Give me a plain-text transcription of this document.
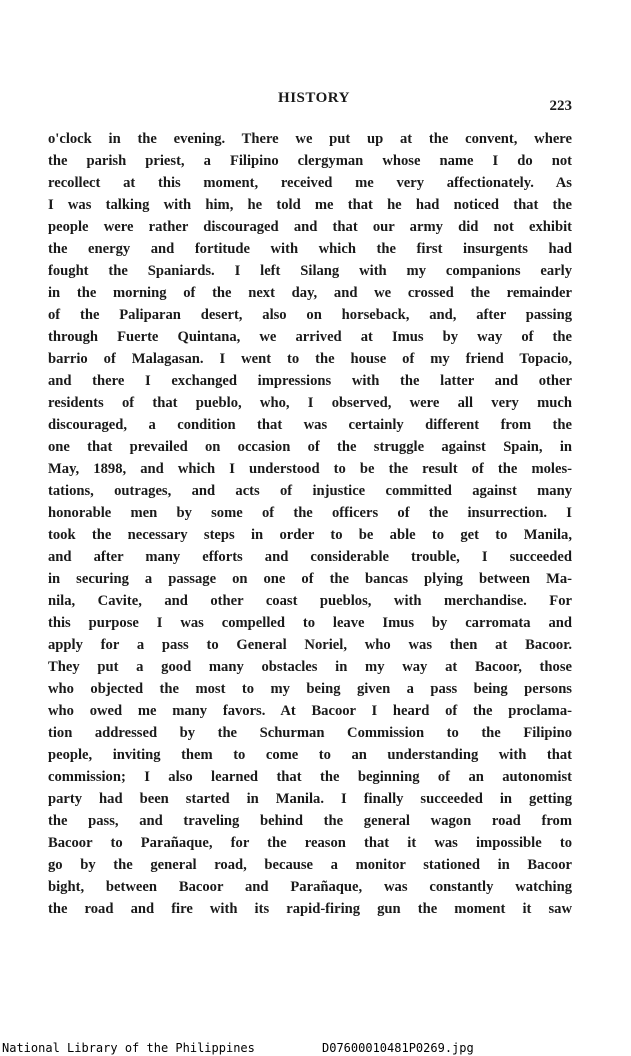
HISTORY	223
o'clock in the evening. There we put up at the convent, where
the parish priest, a Filipino clergyman whose name I do not
recollect at this moment, received me very affectionately. As
I was talking with him, he told me that he had noticed that the
people were rather discouraged and that our army did not exhibit
the energy and fortitude with which the first insurgents had
fought the Spaniards. I left Silang with my companions early
in the morning of the next day, and we crossed the remainder
of the Paliparan desert, also on horseback, and, after passing
through Fuerte Quintana, we arrived at Imus by way of the
barrio of Malagasan. I went to the house of my friend Topacio,
and there I exchanged impressions with the latter and other
residents of that pueblo, who, I observed, were all very much
discouraged, a condition that was certainly different from the
one that prevailed on occasion of the struggle against Spain, in
May, 1898, and which I understood to be the result of the moles-
tations, outrages, and acts of injustice committed against many
honorable men by some of the officers of the insurrection. I
took the necessary steps in order to be able to get to Manila,
and after many efforts and considerable trouble, I succeeded
in securing a passage on one of the bancas plying between Ma-
nila, Cavite, and other coast pueblos, with merchandise. For
this purpose I was compelled to leave Imus by carromata and
apply for a pass to General Noriel, who was then at Bacoor.
They put a good many obstacles in my way at Bacoor, those
who objected the most to my being given a pass being persons
who owed me many favors. At Bacoor I heard of the proclama-
tion addressed by the Schurman Commission to the Filipino
people, inviting them to come to an understanding with that
commission; I also learned that the beginning of an autonomist
party had been started in Manila. I finally succeeded in getting
the pass, and traveling behind the general wagon road from
Bacoor to Parañaque, for the reason that it was impossible to
go by the general road, because a monitor stationed in Bacoor
bight, between Bacoor and Parañaque, was constantly watching
the road and fire with its rapid-firing gun the moment it saw
National Library of the Philippines	D07600010481P0269.jpg
